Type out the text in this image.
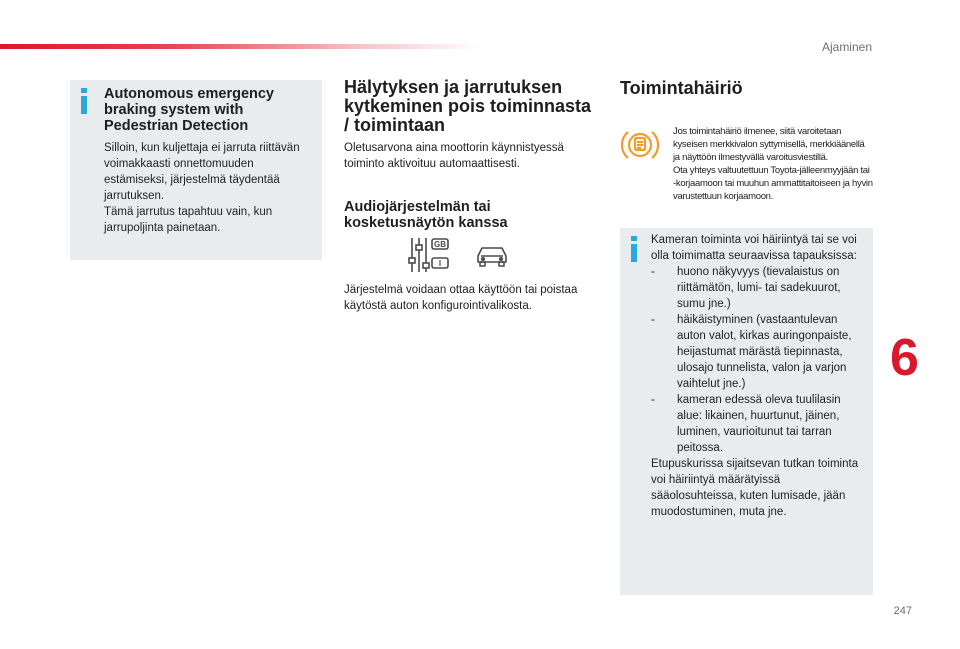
Ajaminen
247
6
Autonomous emergency braking system with Pedestrian Detection

Silloin, kun kuljettaja ei jarruta riittävän voimakkaasti onnettomuuden estämiseksi, järjestelmä täydentää jarrutuksen.

Tämä jarrutus tapahtuu vain, kun jarrupoljinta painetaan.

Hälytyksen ja jarrutuksen kytkeminen pois toiminnasta / toimintaan
Oletusarvona aina moottorin käynnistyessä toiminto aktivoituu automaattisesti.
Audiojärjestelmän tai kosketusnäytön kanssa
GB
I
Järjestelmä voidaan ottaa käyttöön tai poistaa käytöstä auton konfigurointivalikosta.
Toimintahäiriö

Jos toimintahäiriö ilmenee, siitä varoitetaan kyseisen merkkivalon syttymisellä, merkkiäänellä ja näyttöön ilmestyvällä varoitusviestillä.

Ota yhteys valtuutettuun Toyota-jälleenmyyjään tai -korjaamoon tai muuhun ammattitaitoiseen ja hyvin varustettuun korjaamoon.

Kameran toiminta voi häiriintyä tai se voi olla toimimatta seuraavissa tapauksissa:

-	huono näkyvyys (tievalaistus on riittämätön, lumi- tai sadekuurot, sumu jne.)
-	häikäistyminen (vastaantulevan auton valot, kirkas auringonpaiste, heijastumat märästä tiepinnasta, ulosajo tunnelista, valon ja varjon vaihtelut jne.)
-	kameran edessä oleva tuulilasin alue: likainen, huurtunut, jäinen, luminen, vaurioitunut tai tarran peitossa.

Etupuskurissa sijaitsevan tutkan toiminta voi häiriintyä määrätyissä sääolosuhteissa, kuten lumisade, jään muodostuminen, muta jne.
